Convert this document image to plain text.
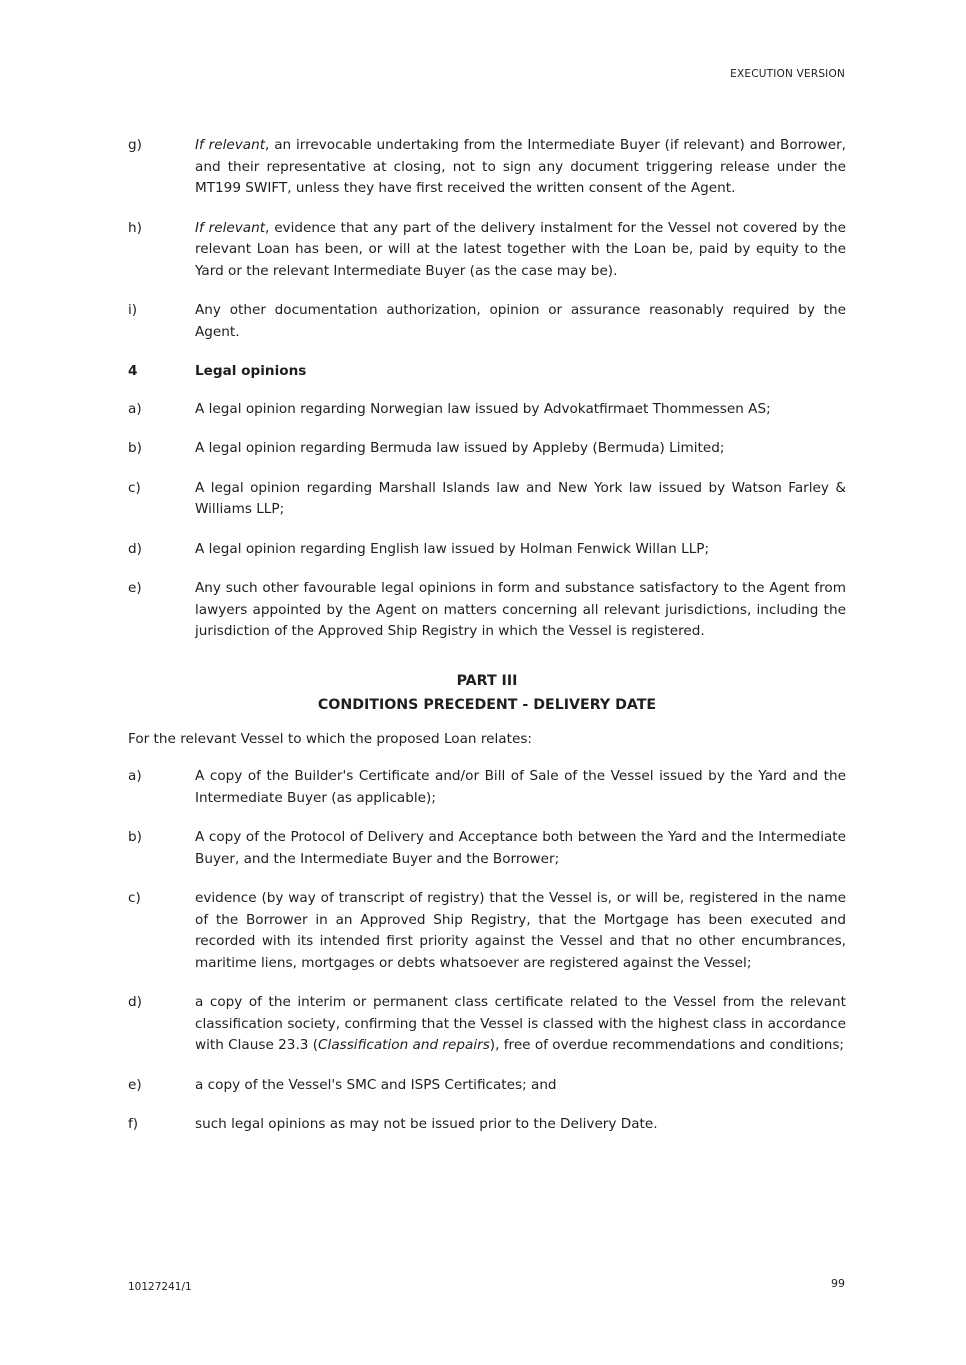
EXECUTION VERSION
g)	If relevant, an irrevocable undertaking from the Intermediate Buyer (if relevant) and Borrower, and their representative at closing, not to sign any document triggering release under the MT199 SWIFT, unless they have first received the written consent of the Agent.
h)	If relevant, evidence that any part of the delivery instalment for the Vessel not covered by the relevant Loan has been, or will at the latest together with the Loan be, paid by equity to the Yard or the relevant Intermediate Buyer (as the case may be).
i)	Any other documentation authorization, opinion or assurance reasonably required by the Agent.
4	Legal opinions
a)	A legal opinion regarding Norwegian law issued by Advokatfirmaet Thommessen AS;
b)	A legal opinion regarding Bermuda law issued by Appleby (Bermuda) Limited;
c)	A legal opinion regarding Marshall Islands law and New York law issued by Watson Farley & Williams LLP;
d)	A legal opinion regarding English law issued by Holman Fenwick Willan LLP;
e)	Any such other favourable legal opinions in form and substance satisfactory to the Agent from lawyers appointed by the Agent on matters concerning all relevant jurisdictions, including the jurisdiction of the Approved Ship Registry in which the Vessel is registered.
PART III
CONDITIONS PRECEDENT - DELIVERY DATE
For the relevant Vessel to which the proposed Loan relates:
a)	A copy of the Builder's Certificate and/or Bill of Sale of the Vessel issued by the Yard and the Intermediate Buyer (as applicable);
b)	A copy of the Protocol of Delivery and Acceptance both between the Yard and the Intermediate Buyer, and the Intermediate Buyer and the Borrower;
c)	evidence (by way of transcript of registry) that the Vessel is, or will be, registered in the name of the Borrower in an Approved Ship Registry, that the Mortgage has been executed and recorded with its intended first priority against the Vessel and that no other encumbrances, maritime liens, mortgages or debts whatsoever are registered against the Vessel;
d)	a copy of the interim or permanent class certificate related to the Vessel from the relevant classification society, confirming that the Vessel is classed with the highest class in accordance with Clause 23.3 (Classification and repairs), free of overdue recommendations and conditions;
e)	a copy of the Vessel's SMC and ISPS Certificates; and
f)	such legal opinions as may not be issued prior to the Delivery Date.
10127241/1	99
